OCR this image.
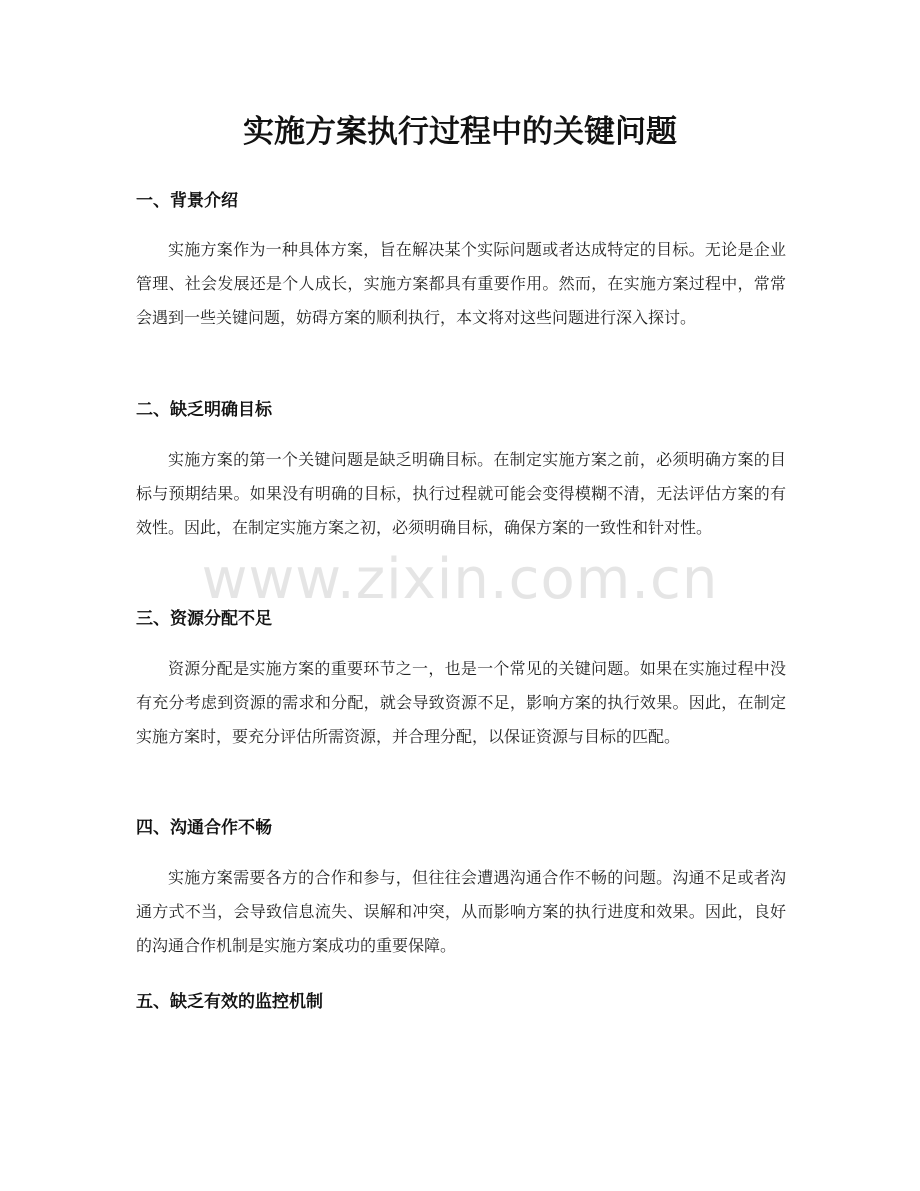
实施方案执行过程中的关键问题
一、背景介绍

实施方案作为一种具体方案，旨在解决某个实际问题或者达成特定的目标。无论是企业管理、社会发展还是个人成长，实施方案都具有重要作用。然而，在实施方案过程中，常常会遇到一些关键问题，妨碍方案的顺利执行，本文将对这些问题进行深入探讨。

二、缺乏明确目标

实施方案的第一个关键问题是缺乏明确目标。在制定实施方案之前，必须明确方案的目标与预期结果。如果没有明确的目标，执行过程就可能会变得模糊不清，无法评估方案的有效性。因此，在制定实施方案之初，必须明确目标，确保方案的一致性和针对性。

三、资源分配不足

资源分配是实施方案的重要环节之一，也是一个常见的关键问题。如果在实施过程中没有充分考虑到资源的需求和分配，就会导致资源不足，影响方案的执行效果。因此，在制定实施方案时，要充分评估所需资源，并合理分配，以保证资源与目标的匹配。

四、沟通合作不畅

实施方案需要各方的合作和参与，但往往会遭遇沟通合作不畅的问题。沟通不足或者沟通方式不当，会导致信息流失、误解和冲突，从而影响方案的执行进度和效果。因此，良好的沟通合作机制是实施方案成功的重要保障。

五、缺乏有效的监控机制
www.zixin.com.cn
